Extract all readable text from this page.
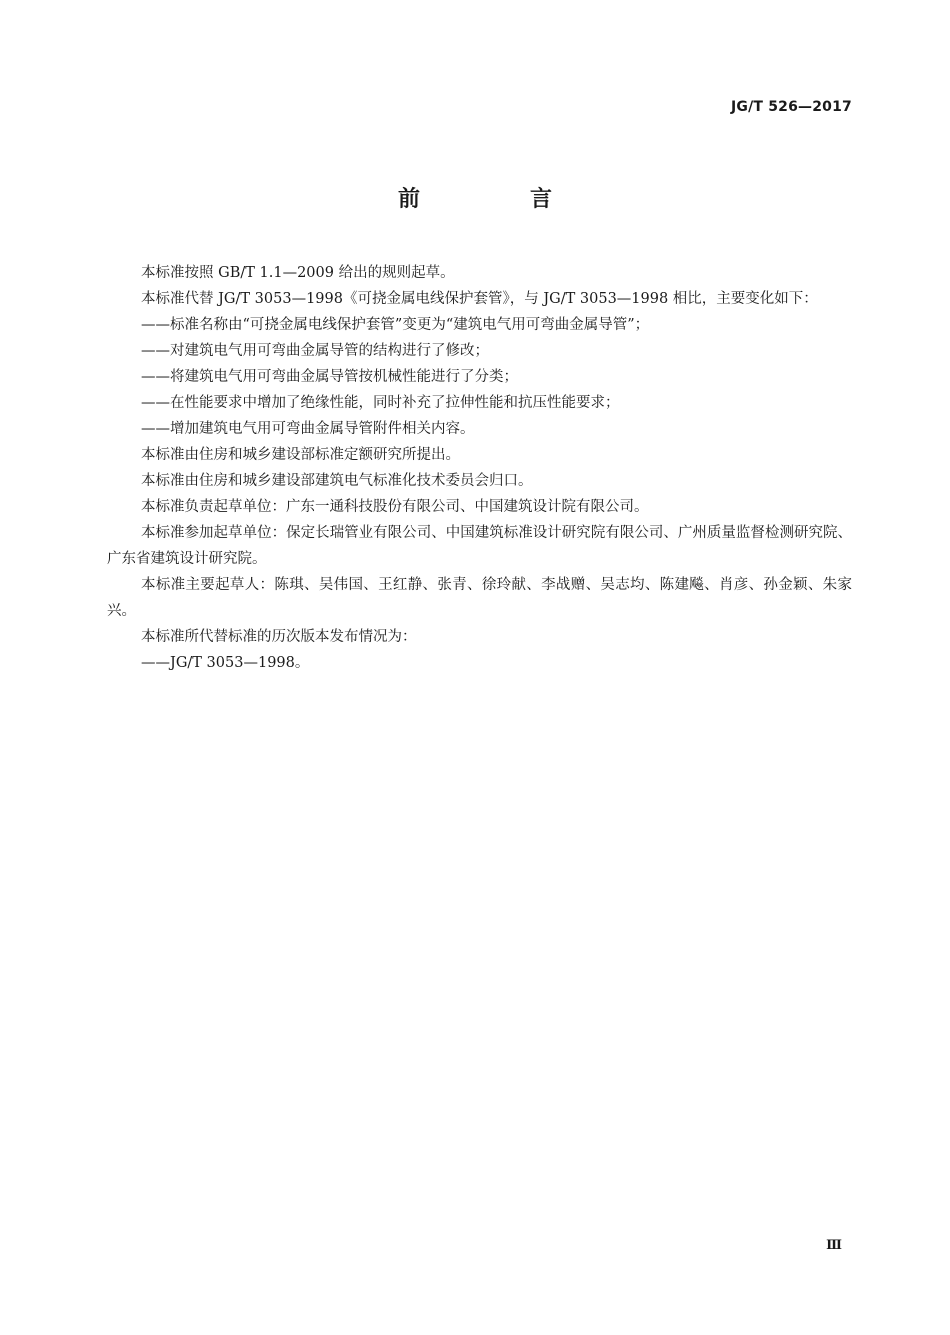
JG/T 526—2017
前　言

本标准按照 GB/T 1.1—2009 给出的规则起草。

本标准代替 JG/T 3053—1998《可挠金属电线保护套管》，与 JG/T 3053—1998 相比，主要变化如下：

——标准名称由“可挠金属电线保护套管”变更为“建筑电气用可弯曲金属导管”；

——对建筑电气用可弯曲金属导管的结构进行了修改；

——将建筑电气用可弯曲金属导管按机械性能进行了分类；

——在性能要求中增加了绝缘性能，同时补充了拉伸性能和抗压性能要求；

——增加建筑电气用可弯曲金属导管附件相关内容。

本标准由住房和城乡建设部标准定额研究所提出。

本标准由住房和城乡建设部建筑电气标准化技术委员会归口。

本标准负责起草单位：广东一通科技股份有限公司、中国建筑设计院有限公司。

本标准参加起草单位：保定长瑞管业有限公司、中国建筑标准设计研究院有限公司、广州质量监督检测研究院、广东省建筑设计研究院。

本标准主要起草人：陈琪、吴伟国、王红静、张青、徐玲献、李战赠、吴志均、陈建飚、肖彦、孙金颖、朱家兴。

本标准所代替标准的历次版本发布情况为：

——JG/T 3053—1998。

Ⅲ
